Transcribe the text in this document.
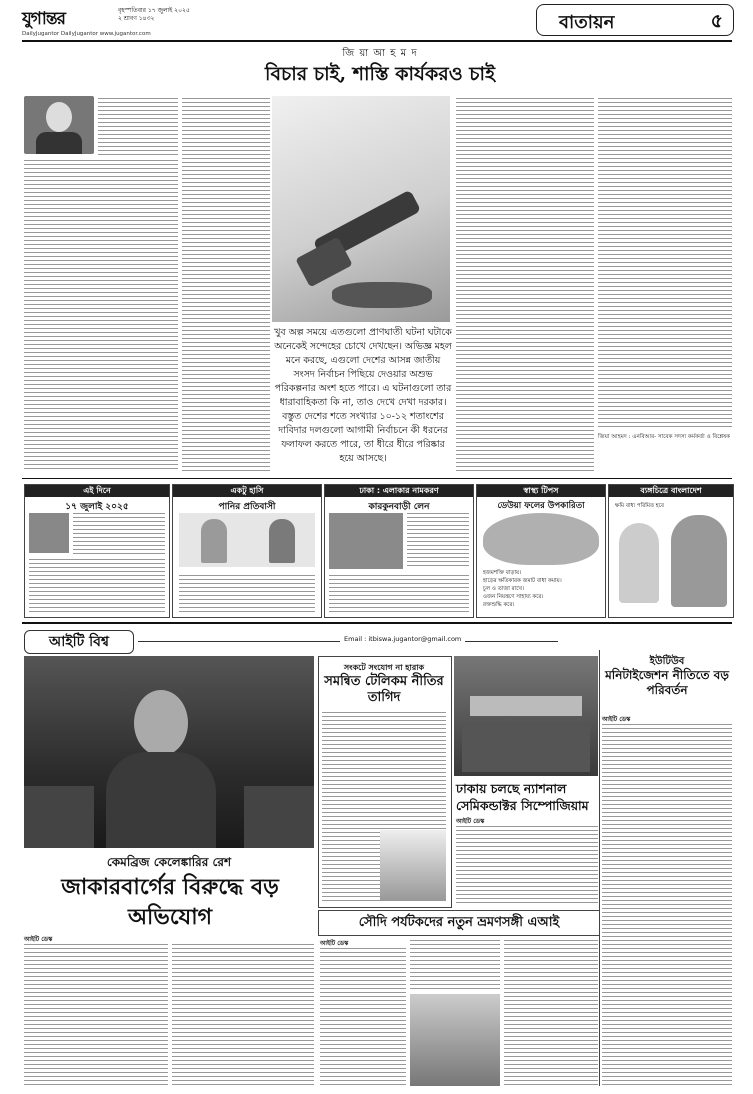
যুগান্তর	বৃহস্পতিবার ১৭ জুলাই ২০২৫
২ শ্রাবণ ১৪৩২
DailyJugantor DailyJugantor www.jugantor.com
বাতায়ন	৫
জি য়া আ হ ম দ
বিচার চাই, শাস্তি কার্যকরও চাই
খুব অল্প সময়ে এতগুলো প্রাণঘাতী ঘটনা ঘটাকে অনেকেই সন্দেহের চোখে দেখছেন। অভিজ্ঞ মহল মনে করছে, এগুলো দেশের আসন্ন জাতীয় সংসদ নির্বাচন পিছিয়ে দেওয়ার অশুভ পরিকল্পনার অংশ হতে পারে। এ ঘটনাগুলো তার ধারাবাহিকতা কি না, তাও দেখে দেখা দরকার। বস্তুত দেশের শতে সংখ্যার ১০-১২ শতাংশের দাবিদার দলগুলো আগামী নির্বাচনে কী ধরনের ফলাফল করতে পারে, তা ধীরে ধীরে পরিষ্কার হয়ে আসছে।
জিয়া আহমদ : এনবিআর- সাবেক সদস্য কর্মকর্তা ও বিশ্লেষক
এই দিনে
১৭ জুলাই ২০২৫
একটু হাসি
পানির প্রতিবাসী
ঢাকা : এলাকার নামকরণ
কারকুনবাড়ী লেন
স্বাস্থ্য টিপস
ডেউয়া ফলের উপকারিতা
হজমশক্তি বাড়ায়।
হাড়ের ক্ষতিকারক জমাট বাধা কমায়।
চুল ও তাজা রাখে।
ওজন নিয়ন্ত্রণে সাহায্য করে।
রক্তশুদ্ধি করে।
ব্যঙ্গচিত্রে বাংলাদেশ
ক্ষমি বাধ্য পরিমিত হবে
আইটি বিশ্ব	Email : itbiswa.jugantor@gmail.com
কেমব্রিজ কেলেঙ্কারির রেশ
জাকারবার্গের বিরুদ্ধে বড় অভিযোগ
আইটি ডেস্ক
সংকটে সংযোগ না হারাক
সমন্বিত টেলিকম নীতির তাগিদ
ঢাকায় চলছে ন্যাশনাল সেমিকন্ডাক্টর সিম্পোজিয়াম
আইটি ডেস্ক
ইউটিউব
মনিটাইজেশন নীতিতে বড় পরিবর্তন
আইটি ডেস্ক
সৌদি পর্যটকদের নতুন ভ্রমণসঙ্গী এআই
আইটি ডেস্ক
